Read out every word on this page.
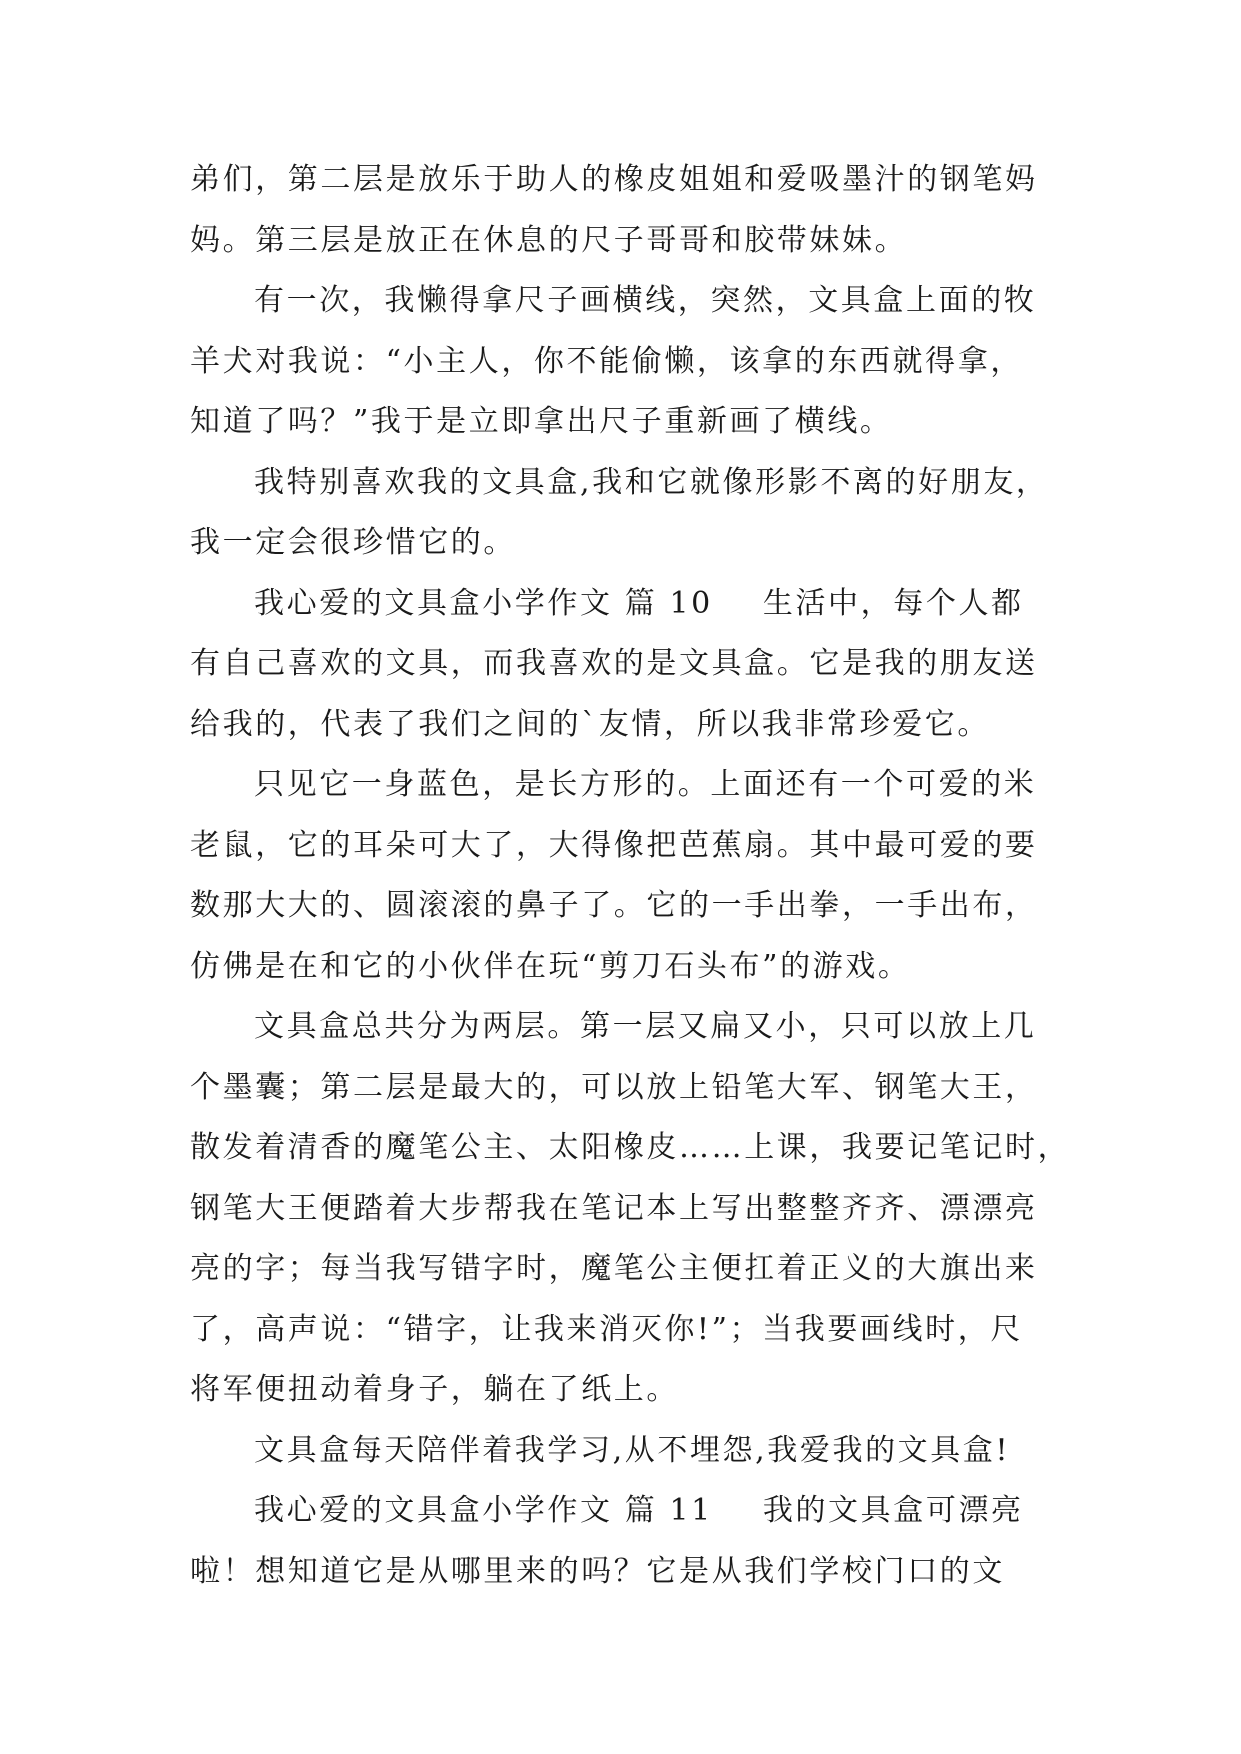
弟们，第二层是放乐于助人的橡皮姐姐和爱吸墨汁的钢笔妈
妈。第三层是放正在休息的尺子哥哥和胶带妹妹。
有一次，我懒得拿尺子画横线，突然，文具盒上面的牧
羊犬对我说：“小主人，你不能偷懒，该拿的东西就得拿，
知道了吗？”我于是立即拿出尺子重新画了横线。
我特别喜欢我的文具盒,我和它就像形影不离的好朋友，
我一定会很珍惜它的。
我心爱的文具盒小学作文 篇 10 生活中，每个人都
有自己喜欢的文具，而我喜欢的是文具盒。它是我的朋友送
给我的，代表了我们之间的`友情，所以我非常珍爱它。
只见它一身蓝色，是长方形的。上面还有一个可爱的米
老鼠，它的耳朵可大了，大得像把芭蕉扇。其中最可爱的要
数那大大的、圆滚滚的鼻子了。它的一手出拳，一手出布，
仿佛是在和它的小伙伴在玩“剪刀石头布”的游戏。
文具盒总共分为两层。第一层又扁又小，只可以放上几
个墨囊；第二层是最大的，可以放上铅笔大军、钢笔大王，
散发着清香的魔笔公主、太阳橡皮……上课，我要记笔记时，
钢笔大王便踏着大步帮我在笔记本上写出整整齐齐、漂漂亮
亮的字；每当我写错字时，魔笔公主便扛着正义的大旗出来
了，高声说：“错字，让我来消灭你!”；当我要画线时，尺
将军便扭动着身子，躺在了纸上。
文具盒每天陪伴着我学习,从不埋怨,我爱我的文具盒!
我心爱的文具盒小学作文 篇 11 我的文具盒可漂亮
啦！想知道它是从哪里来的吗？它是从我们学校门口的文
